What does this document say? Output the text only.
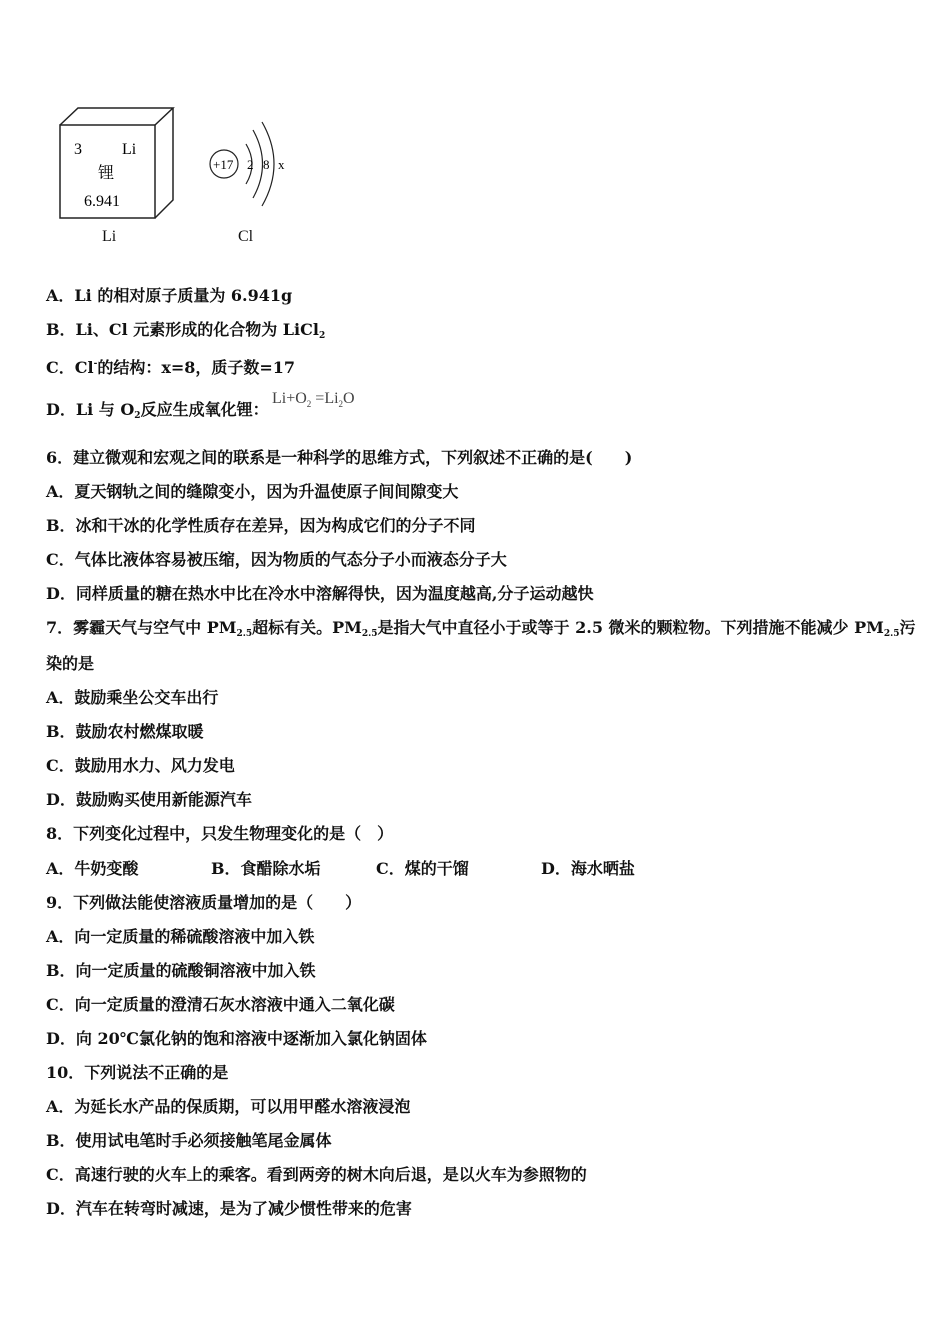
3	Li
锂
6.941
+17 2 8 x
Li	Cl
A．Li 的相对原子质量为 6.941g
B．Li、Cl 元素形成的化合物为 LiCl$_2$
C．Cl-的结构：x=8，质子数=17
D．Li 与 $O_2$反应生成氧化锂：
$Li+O_2 =Li_2O$
6．建立微观和宏观之间的联系是一种科学的思维方式，下列叙述不正确的是(　　)
A．夏天钢轨之间的缝隙变小，因为升温使原子间间隙变大
B．冰和干冰的化学性质存在差异，因为构成它们的分子不同
C．气体比液体容易被压缩，因为物质的气态分子小而液态分子大
D．同样质量的糖在热水中比在冷水中溶解得快，因为温度越高,分子运动越快
7．雾霾天气与空气中 $PM_{2.5}$超标有关。$PM_{2.5}$是指大气中直径小于或等于 2.5 微米的颗粒物。下列措施不能减少 $PM_{2.5}$污
染的是
A．鼓励乘坐公交车出行
B．鼓励农村燃煤取暖
C．鼓励用水力、风力发电
D．鼓励购买使用新能源汽车
8．下列变化过程中，只发生物理变化的是（　）
A．牛奶变酸	B．食醋除水垢	C．煤的干馏	D．海水晒盐
9．下列做法能使溶液质量增加的是（　　）
A．向一定质量的稀硫酸溶液中加入铁
B．向一定质量的硫酸铜溶液中加入铁
C．向一定质量的澄清石灰水溶液中通入二氧化碳
D．向 20℃氯化钠的饱和溶液中逐渐加入氯化钠固体
10．下列说法不正确的是
A．为延长水产品的保质期，可以用甲醛水溶液浸泡
B．使用试电笔时手必须接触笔尾金属体
C．高速行驶的火车上的乘客。看到两旁的树木向后退，是以火车为参照物的
D．汽车在转弯时减速，是为了减少惯性带来的危害
